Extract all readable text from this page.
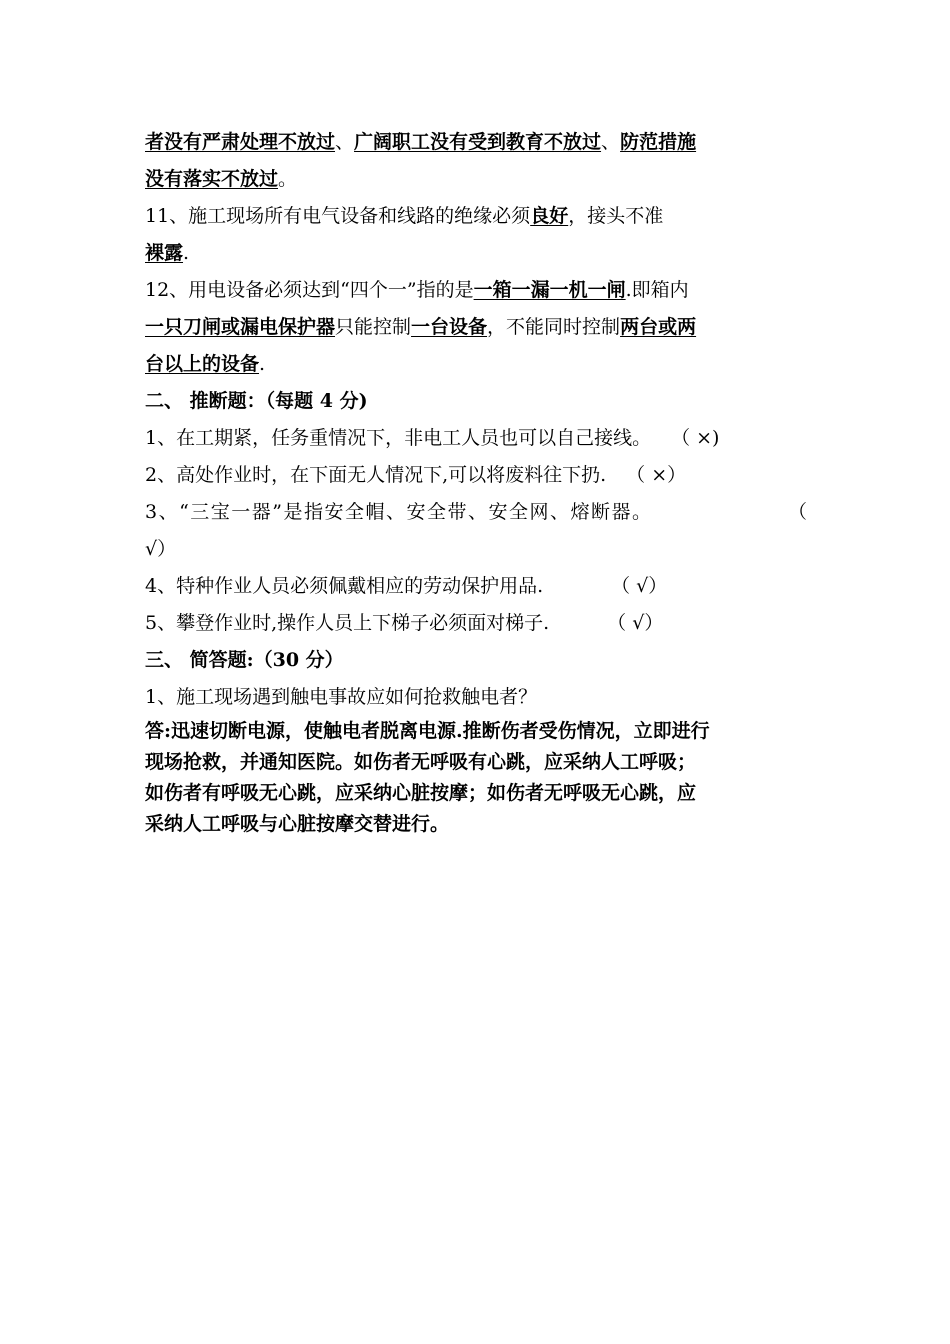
者没有严肃处理不放过、广阔职工没有受到教育不放过、防范措施
没有落实不放过。
11、施工现场所有电气设备和线路的绝缘必须良好，接头不准
裸露.
12、用电设备必须达到“四个一”指的是一箱一漏一机一闸.即箱内
一只刀闸或漏电保护器只能控制一台设备，不能同时控制两台或两
台以上的设备.
二、 推断题：（每题 4 分)
1、在工期紧，任务重情况下，非电工人员也可以自己接线。 （ ×)
2、高处作业时，在下面无人情况下,可以将废料往下扔. （ ×）
3、“三宝一器”是指安全帽、安全带、安全网、熔断器。	（
√）
4、特种作业人员必须佩戴相应的劳动保护用品.	（ √）
5、攀登作业时,操作人员上下梯子必须面对梯子.	（ √）
三、 简答题:（30 分）
1、施工现场遇到触电事故应如何抢救触电者？
答:迅速切断电源，使触电者脱离电源.推断伤者受伤情况，立即进行
现场抢救，并通知医院。如伤者无呼吸有心跳，应采纳人工呼吸；
如伤者有呼吸无心跳，应采纳心脏按摩；如伤者无呼吸无心跳，应
采纳人工呼吸与心脏按摩交替进行。
